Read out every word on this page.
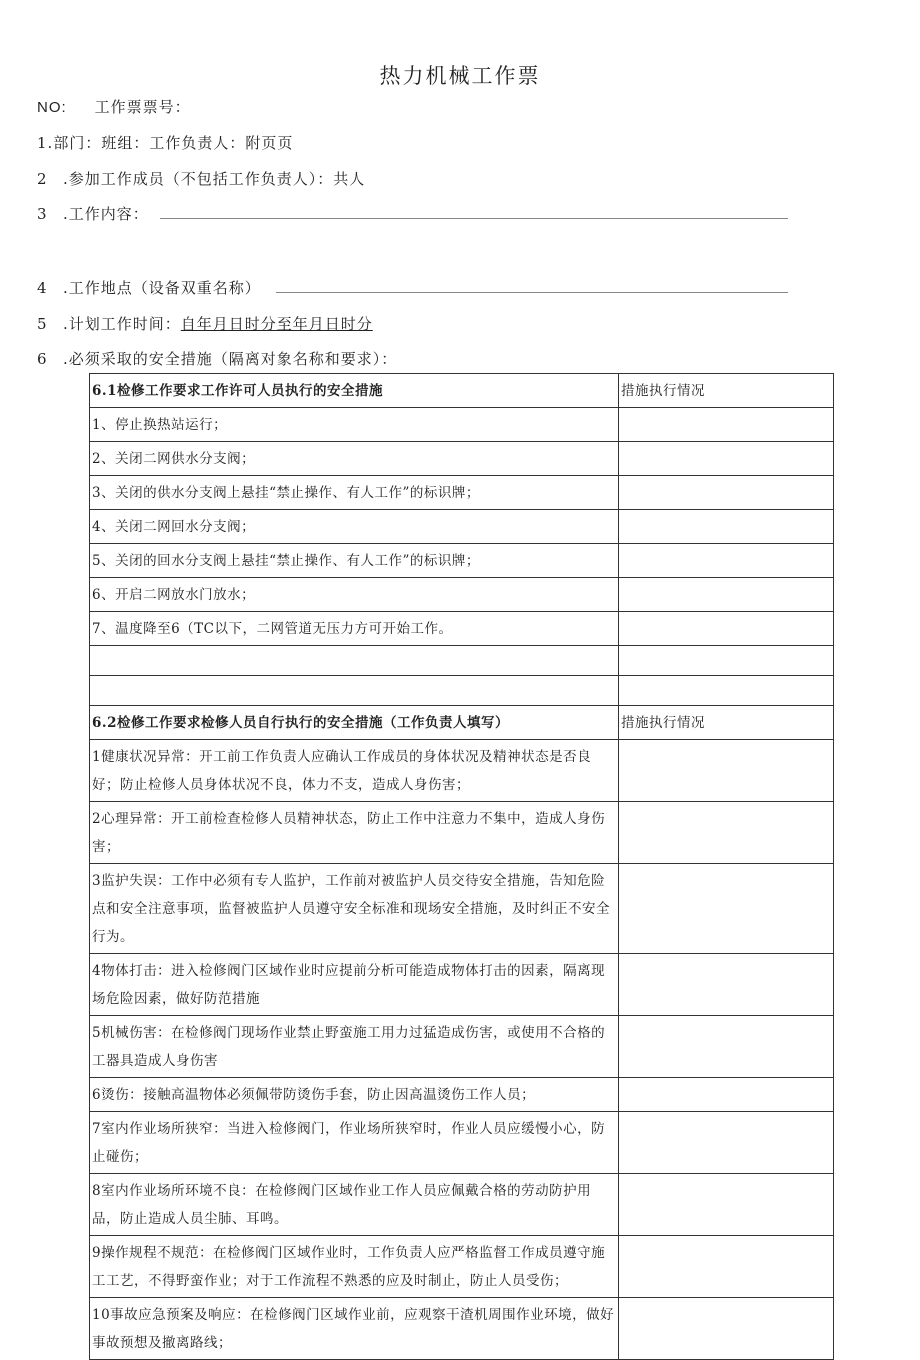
热力机械工作票
NO: 工作票票号：
1.部门：班组：工作负责人：附页页
2 .参加工作成员（不包括工作负责人）：共人
3 .工作内容：
4 .工作地点（设备双重名称）
5 .计划工作时间：自年月日时分至年月日时分
6 .必须采取的安全措施（隔离对象名称和要求）：
6.1检修工作要求工作许可人员执行的安全措施	措施执行情况
1、停止换热站运行；	
2、关闭二网供水分支阀；	
3、关闭的供水分支阀上悬挂“禁止操作、有人工作”的标识牌；	
4、关闭二网回水分支阀；	
5、关闭的回水分支阀上悬挂“禁止操作、有人工作”的标识牌；	
6、开启二网放水门放水；	
7、温度降至6（TC以下，二网管道无压力方可开始工作。	

6.2检修工作要求检修人员自行执行的安全措施（工作负责人填写）	措施执行情况
1健康状况异常：开工前工作负责人应确认工作成员的身体状况及精神状态是否良好；防止检修人员身体状况不良，体力不支，造成人身伤害；	
2心理异常：开工前检查检修人员精神状态，防止工作中注意力不集中，造成人身伤害；	
3监护失误：工作中必须有专人监护，工作前对被监护人员交待安全措施，告知危险点和安全注意事项，监督被监护人员遵守安全标准和现场安全措施，及时纠正不安全行为。	
4物体打击：进入检修阀门区域作业时应提前分析可能造成物体打击的因素，隔离现场危险因素，做好防范措施	
5机械伤害：在检修阀门现场作业禁止野蛮施工用力过猛造成伤害，或使用不合格的工器具造成人身伤害	
6烫伤：接触高温物体必须佩带防烫伤手套，防止因高温烫伤工作人员；	
7室内作业场所狭窄：当进入检修阀门，作业场所狭窄时，作业人员应缓慢小心，防止碰伤；	
8室内作业场所环境不良：在检修阀门区域作业工作人员应佩戴合格的劳动防护用品，防止造成人员尘肺、耳鸣。	
9操作规程不规范：在检修阀门区域作业时，工作负责人应严格监督工作成员遵守施工工艺，不得野蛮作业；对于工作流程不熟悉的应及时制止，防止人员受伤；	
10事故应急预案及响应：在检修阀门区域作业前，应观察干渣机周围作业环境，做好事故预想及撤离路线；	
